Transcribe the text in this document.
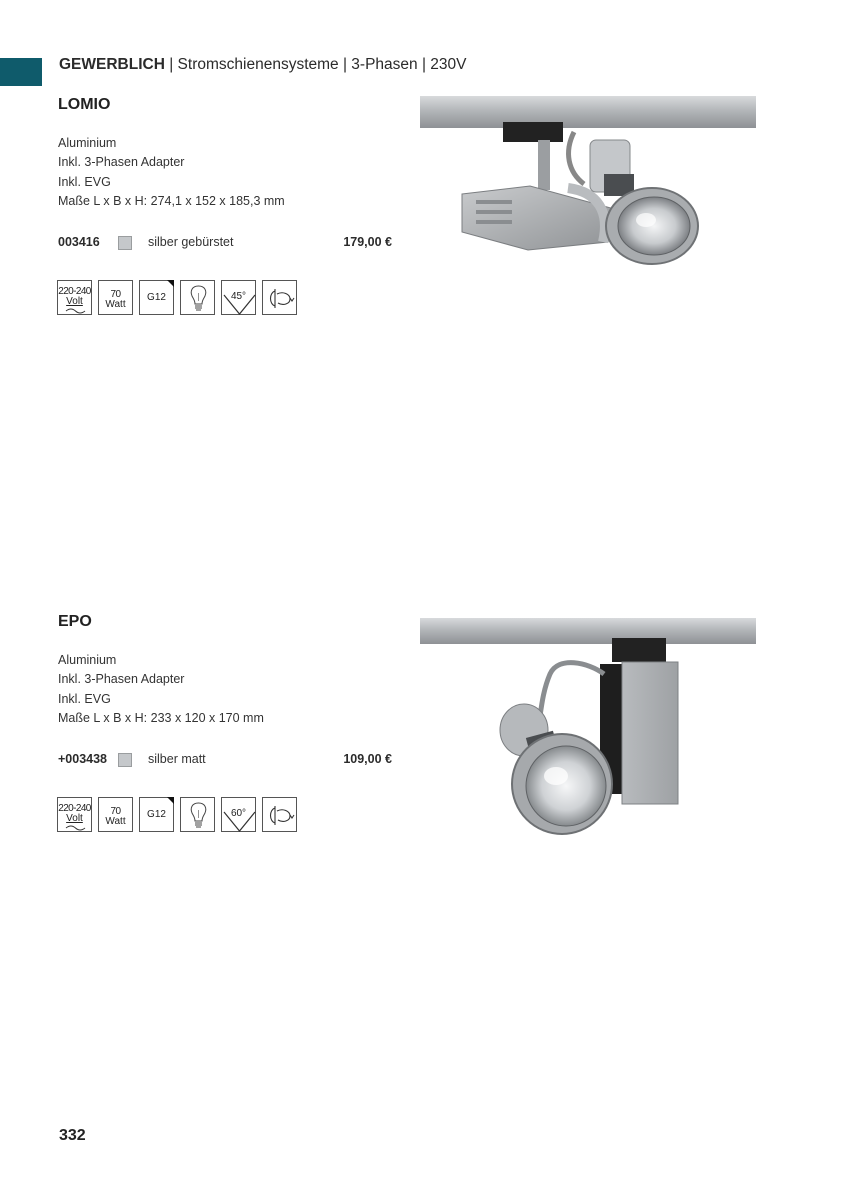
GEWERBLICH | Stromschienensysteme | 3-Phasen | 230V
LOMIO
Aluminium
Inkl. 3-Phasen Adapter
Inkl. EVG
Maße L x B x H: 274,1 x 152 x 185,3 mm
003416	silber gebürstet	179,00 €
220-240
Volt
70
Watt
G12	45°
EPO
Aluminium
Inkl. 3-Phasen Adapter
Inkl. EVG
Maße L x B x H: 233 x 120 x 170 mm
+003438	silber matt	109,00 €
220-240
Volt
70
Watt
G12	60°
332
